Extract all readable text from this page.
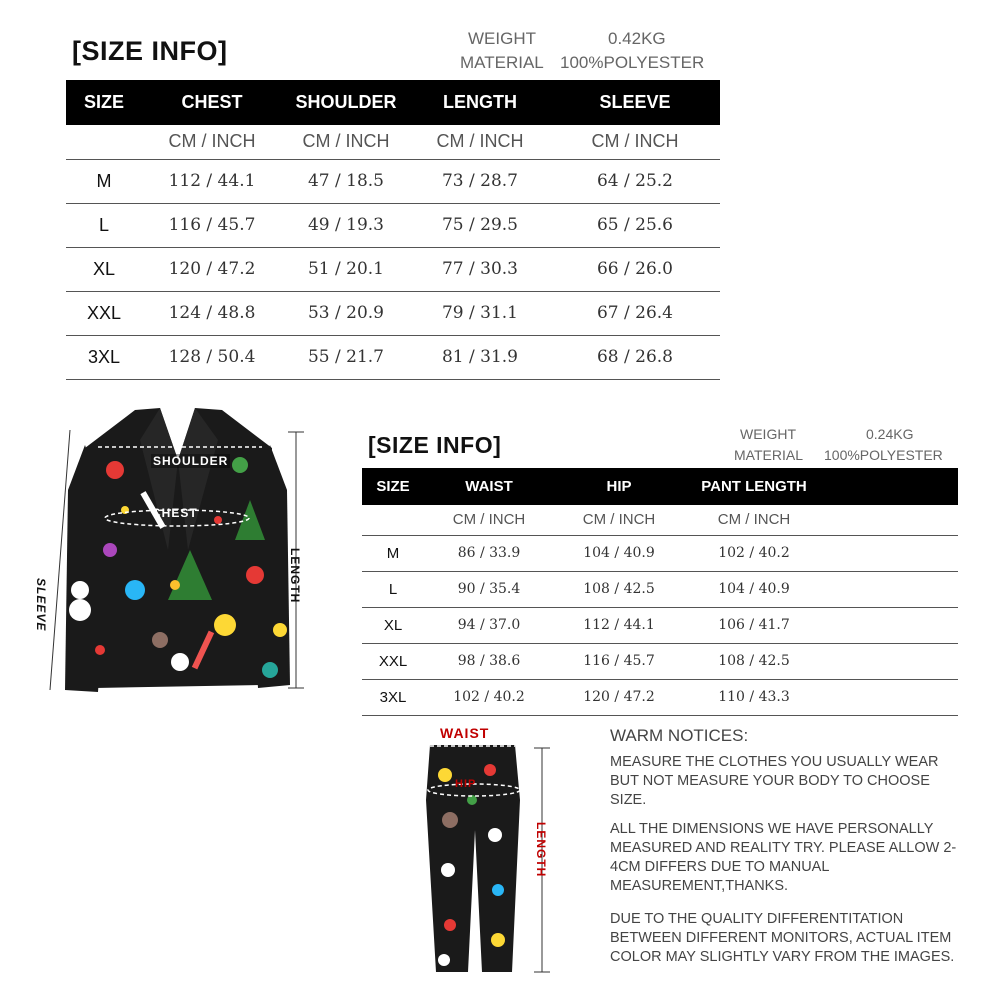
[SIZE INFO]	WEIGHT	0.42KG
MATERIAL 100%POLYESTER
SIZE	CHEST	SHOULDER	LENGTH	SLEEVE
	CM / INCH	CM / INCH	CM / INCH	CM / INCH
M	112 / 44.1	47 / 18.5	73 / 28.7	64 / 25.2
L	116 / 45.7	49 / 19.3	75 / 29.5	65 / 25.6
XL	120 / 47.2	51 / 20.1	77 / 30.3	66 / 26.0
XXL	124 / 48.8	53 / 20.9	79 / 31.1	67 / 26.4
3XL	128 / 50.4	55 / 21.7	81 / 31.9	68 / 26.8
SHOULDER
CHEST
LENGTH
SLEEVE
[SIZE INFO]	WEIGHT	0.24KG
MATERIAL	100%POLYESTER
SIZE	WAIST	HIP	PANT LENGTH	
	CM / INCH	CM / INCH	CM / INCH	
M	86 / 33.9	104 / 40.9	102 / 40.2	
L	90 / 35.4	108 / 42.5	104 / 40.9	
XL	94 / 37.0	112 / 44.1	106 / 41.7	
XXL	98 / 38.6	116 / 45.7	108 / 42.5	
3XL	102 / 40.2	120 / 47.2	110 / 43.3	
WAIST
HIP
LENGTH
WARM NOTICES:

MEASURE THE CLOTHES YOU USUALLY WEAR BUT NOT MEASURE YOUR BODY TO CHOOSE SIZE.

ALL THE DIMENSIONS WE HAVE PERSONALLY MEASURED AND REALITY TRY. PLEASE ALLOW 2-4CM DIFFERS DUE TO MANUAL MEASUREMENT,THANKS.

DUE TO THE QUALITY DIFFERENTITATION BETWEEN DIFFERENT MONITORS, ACTUAL ITEM COLOR MAY SLIGHTLY VARY FROM THE IMAGES.
